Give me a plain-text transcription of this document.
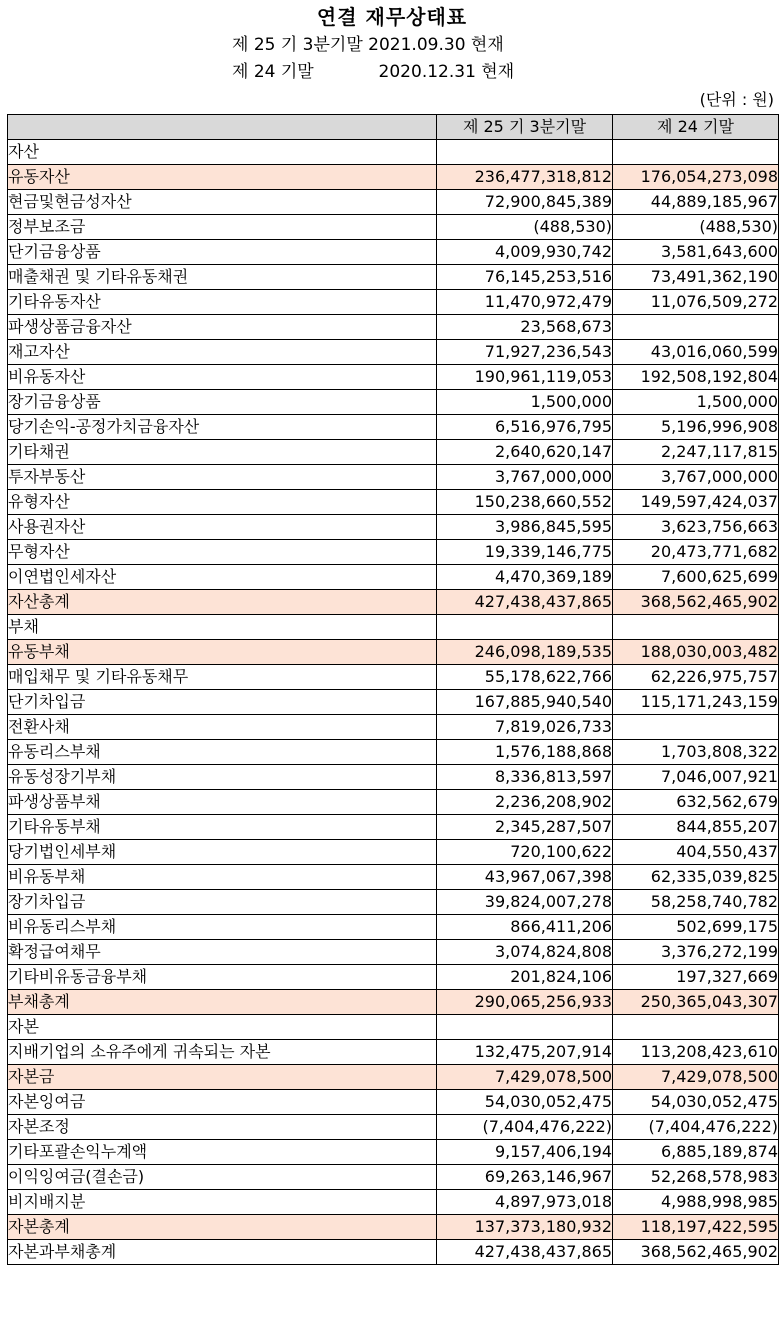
연결 재무상태표
제 25 기 3분기말 2021.09.30 현재
제 24 기말            2020.12.31 현재
(단위 : 원)
	제 25 기 3분기말	제 24 기말
자산		
유동자산	236,477,318,812	176,054,273,098
현금및현금성자산	72,900,845,389	44,889,185,967
정부보조금	(488,530)	(488,530)
단기금융상품	4,009,930,742	3,581,643,600
매출채권 및 기타유동채권	76,145,253,516	73,491,362,190
기타유동자산	11,470,972,479	11,076,509,272
파생상품금융자산	23,568,673	
재고자산	71,927,236,543	43,016,060,599
비유동자산	190,961,119,053	192,508,192,804
장기금융상품	1,500,000	1,500,000
당기손익-공정가치금융자산	6,516,976,795	5,196,996,908
기타채권	2,640,620,147	2,247,117,815
투자부동산	3,767,000,000	3,767,000,000
유형자산	150,238,660,552	149,597,424,037
사용권자산	3,986,845,595	3,623,756,663
무형자산	19,339,146,775	20,473,771,682
이연법인세자산	4,470,369,189	7,600,625,699
자산총계	427,438,437,865	368,562,465,902
부채		
유동부채	246,098,189,535	188,030,003,482
매입채무 및 기타유동채무	55,178,622,766	62,226,975,757
단기차입금	167,885,940,540	115,171,243,159
전환사채	7,819,026,733	
유동리스부채	1,576,188,868	1,703,808,322
유동성장기부채	8,336,813,597	7,046,007,921
파생상품부채	2,236,208,902	632,562,679
기타유동부채	2,345,287,507	844,855,207
당기법인세부채	720,100,622	404,550,437
비유동부채	43,967,067,398	62,335,039,825
장기차입금	39,824,007,278	58,258,740,782
비유동리스부채	866,411,206	502,699,175
확정급여채무	3,074,824,808	3,376,272,199
기타비유동금융부채	201,824,106	197,327,669
부채총계	290,065,256,933	250,365,043,307
자본		
지배기업의 소유주에게 귀속되는 자본	132,475,207,914	113,208,423,610
자본금	7,429,078,500	7,429,078,500
자본잉여금	54,030,052,475	54,030,052,475
자본조정	(7,404,476,222)	(7,404,476,222)
기타포괄손익누계액	9,157,406,194	6,885,189,874
이익잉여금(결손금)	69,263,146,967	52,268,578,983
비지배지분	4,897,973,018	4,988,998,985
자본총계	137,373,180,932	118,197,422,595
자본과부채총계	427,438,437,865	368,562,465,902
